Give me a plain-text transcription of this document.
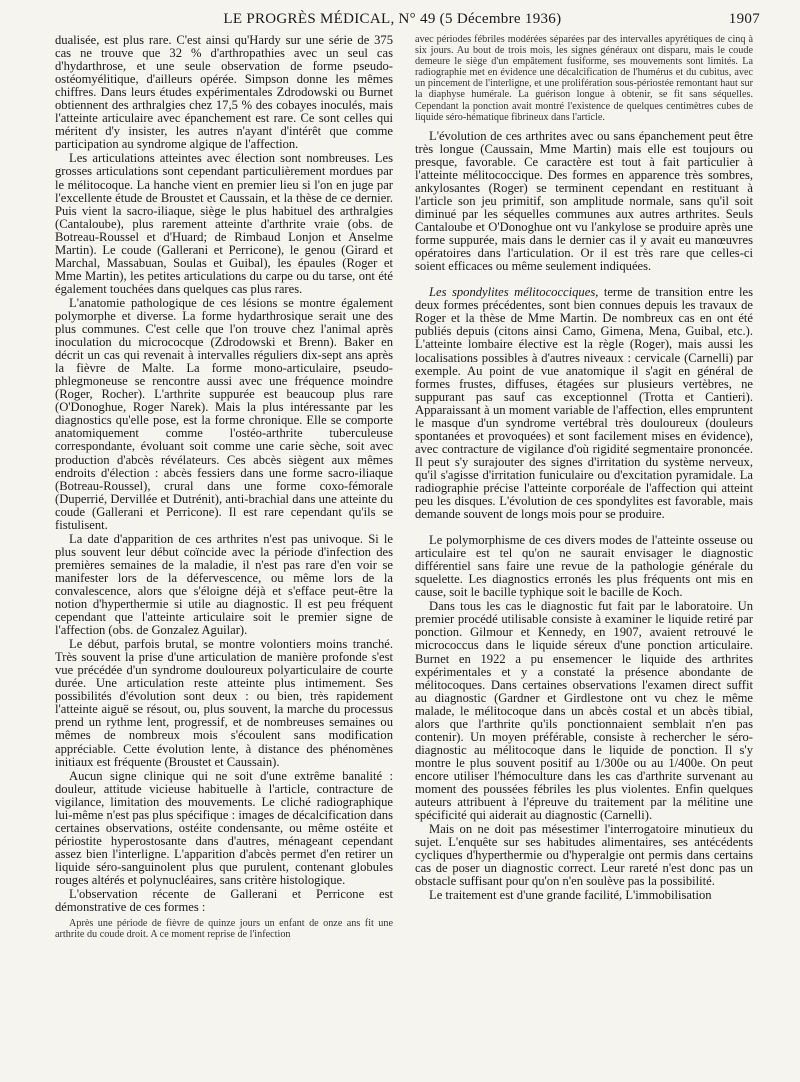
LE PROGRÈS MÉDICAL, N° 49 (5 Décembre 1936)	1907

dualisée, est plus rare. C'est ainsi qu'Hardy sur une série de 375 cas ne trouve que 32 % d'arthropathies avec un seul cas d'hydarthrose, et une seule observation de forme pseudo-ostéomyélitique, d'ailleurs opérée. Simpson donne les mêmes chiffres. Dans leurs études expérimentales Zdrodowski ou Burnet obtiennent des arthralgies chez 17,5 % des cobayes inoculés, mais l'atteinte articulaire avec épanchement est rare. Ce sont celles qui méritent d'y insister, les autres n'ayant d'intérêt que comme participation au syndrome algique de l'affection.

Les articulations atteintes avec élection sont nombreuses. Les grosses articulations sont cependant particulièrement mordues par le mélitocoque. La hanche vient en premier lieu si l'on en juge par l'excellente étude de Broustet et Caussain, et la thèse de ce dernier. Puis vient la sacro-iliaque, siège le plus habituel des arthralgies (Cantaloube), plus rarement atteinte d'arthrite vraie (obs. de Botreau-Roussel et d'Huard; de Rimbaud Lonjon et Anselme Martin). Le coude (Gallerani et Perricone), le genou (Girard et Marchal, Massabuan, Soulas et Guibal), les épaules (Roger et Mme Martin), les petites articulations du carpe ou du tarse, ont été également touchées dans quelques cas plus rares.

L'anatomie pathologique de ces lésions se montre également polymorphe et diverse. La forme hydarthrosique serait une des plus communes. C'est celle que l'on trouve chez l'animal après inoculation du micrococque (Zdrodowski et Brenn). Baker en décrit un cas qui revenait à intervalles réguliers dix-sept ans après la fièvre de Malte. La forme mono-articulaire, pseudo-phlegmoneuse se rencontre aussi avec une fréquence moindre (Roger, Rocher). L'arthrite suppurée est beaucoup plus rare (O'Donoghue, Roger Narek). Mais la plus intéressante par les diagnostics qu'elle pose, est la forme chronique. Elle se comporte anatomiquement comme l'ostéo-arthrite tuberculeuse correspondante, évoluant soit comme une carie sèche, soit avec production d'abcès révélateurs. Ces abcès siègent aux mêmes endroits d'élection : abcès fessiers dans une forme sacro-iliaque (Botreau-Roussel), crural dans une forme coxo-fémorale (Duperrié, Dervillée et Dutrénit), anti-brachial dans une atteinte du coude (Gallerani et Perricone). Il est rare cependant qu'ils se fistulisent.

La date d'apparition de ces arthrites n'est pas univoque. Si le plus souvent leur début coïncide avec la période d'infection des premières semaines de la maladie, il n'est pas rare d'en voir se manifester lors de la défervescence, ou même lors de la convalescence, alors que s'éloigne déjà et s'efface peut-être la notion d'hyperthermie si utile au diagnostic. Il est peu fréquent cependant que l'atteinte articulaire soit le premier signe de l'affection (obs. de Gonzalez Aguilar).

Le début, parfois brutal, se montre volontiers moins tranché. Très souvent la prise d'une articulation de manière profonde s'est vue précédée d'un syndrome douloureux polyarticulaire de courte durée. Une articulation reste atteinte plus intimement. Ses possibilités d'évolution sont deux : ou bien, très rapidement l'atteinte aiguë se résout, ou, plus souvent, la marche du processus prend un rythme lent, progressif, et de nombreuses semaines ou mêmes de nombreux mois s'écoulent sans modification appréciable. Cette évolution lente, à distance des phénomènes initiaux est fréquente (Broustet et Caussain).

Aucun signe clinique qui ne soit d'une extrême banalité : douleur, attitude vicieuse habituelle à l'article, contracture de vigilance, limitation des mouvements. Le cliché radiographique lui-même n'est pas plus spécifique : images de décalcification dans certaines observations, ostéite condensante, ou même ostéite et périostite hyperostosante dans d'autres, ménageant cependant assez bien l'interligne. L'apparition d'abcès permet d'en retirer un liquide séro-sanguinolent plus que purulent, contenant globules rouges altérés et polynucléaires, sans critère histologique.

L'observation récente de Gallerani et Perricone est démonstrative de ces formes :

Après une période de fièvre de quinze jours un enfant de onze ans fit une arthrite du coude droit. A ce moment reprise de l'infection

avec périodes fébriles modérées séparées par des intervalles apyrétiques de cinq à six jours. Au bout de trois mois, les signes généraux ont disparu, mais le coude demeure le siège d'un empâtement fusiforme, ses mouvements sont limités. La radiographie met en évidence une décalcification de l'humérus et du cubitus, avec un pincement de l'interligne, et une prolifération sous-périostée remontant haut sur la diaphyse humérale. La guérison longue à obtenir, se fit sans séquelles. Cependant la ponction avait montré l'existence de quelques centimètres cubes de liquide séro-hématique fibrineux dans l'article.

L'évolution de ces arthrites avec ou sans épanchement peut être très longue (Caussain, Mme Martin) mais elle est toujours ou presque, favorable. Ce caractère est tout à fait particulier à l'atteinte mélitococcique. Des formes en apparence très sombres, ankylosantes (Roger) se terminent cependant en restituant à l'article son jeu primitif, son amplitude normale, sans qu'il soit diminué par les séquelles communes aux autres arthrites. Seuls Cantaloube et O'Donoghue ont vu l'ankylose se produire après une forme suppurée, mais dans le dernier cas il y avait eu manœuvres opératoires dans l'articulation. Or il est très rare que celles-ci soient efficaces ou même seulement indiquées.

Les spondylites mélitococciques, terme de transition entre les deux formes précédentes, sont bien connues depuis les travaux de Roger et la thèse de Mme Martin. De nombreux cas en ont été publiés depuis (citons ainsi Camo, Gimena, Mena, Guibal, etc.). L'atteinte lombaire élective est la règle (Roger), mais aussi les localisations possibles à d'autres niveaux : cervicale (Carnelli) par exemple. Au point de vue anatomique il s'agit en général de formes frustes, diffuses, étagées sur plusieurs vertèbres, ne suppurant pas sauf cas exceptionnel (Trotta et Cantieri). Apparaissant à un moment variable de l'affection, elles empruntent le masque d'un syndrome vertébral très douloureux (douleurs spontanées et provoquées) et sont facilement mises en évidence), avec contracture de vigilance d'où rigidité segmentaire prononcée. Il peut s'y surajouter des signes d'irritation du système nerveux, qu'il s'agisse d'irritation funiculaire ou d'excitation pyramidale. La radiographie précise l'atteinte corporéale de l'affection qui atteint peu les disques. L'évolution de ces spondylites est favorable, mais demande souvent de longs mois pour se produire.

Le polymorphisme de ces divers modes de l'atteinte osseuse ou articulaire est tel qu'on ne saurait envisager le diagnostic différentiel sans faire une revue de la pathologie générale du squelette. Les diagnostics erronés les plus fréquents ont mis en cause, soit le bacille typhique soit le bacille de Koch.

Dans tous les cas le diagnostic fut fait par le laboratoire. Un premier procédé utilisable consiste à examiner le liquide retiré par ponction. Gilmour et Kennedy, en 1907, avaient retrouvé le micrococcus dans le liquide séreux d'une ponction articulaire. Burnet en 1922 a pu ensemencer le liquide des arthrites expérimentales et y a constaté la présence abondante de mélitocoques. Dans certaines observations l'examen direct suffit au diagnostic (Gardner et Girdlestone ont vu chez le même malade, le mélitocoque dans un abcès costal et un abcès tibial, alors que l'arthrite qu'ils ponctionnaient semblait n'en pas contenir). Un moyen préférable, consiste à rechercher le séro-diagnostic au mélitocoque dans le liquide de ponction. Il s'y montre le plus souvent positif au 1/300e ou au 1/400e. On peut encore utiliser l'hémoculture dans les cas d'arthrite survenant au moment des poussées fébriles les plus violentes. Enfin quelques auteurs attribuent à l'épreuve du traitement par la mélitine une spécificité qui aiderait au diagnostic (Carnelli).

Mais on ne doit pas mésestimer l'interrogatoire minutieux du sujet. L'enquête sur ses habitudes alimentaires, ses antécédents cycliques d'hyperthermie ou d'hyperalgie ont permis dans certains cas de poser un diagnostic correct. Leur rareté n'est donc pas un obstacle suffisant pour qu'on n'en soulève pas la possibilité.

Le traitement est d'une grande facilité, L'immobilisation
